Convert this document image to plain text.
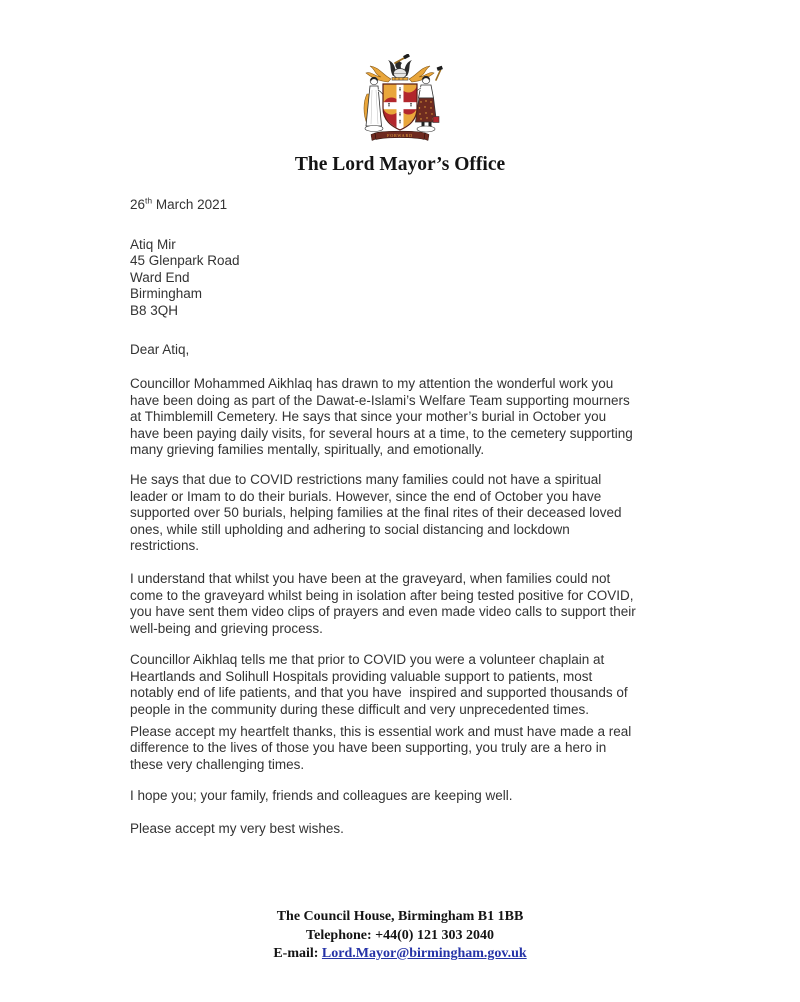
FORWARD
The Lord Mayor’s Office
26th March 2021
Atiq Mir
45 Glenpark Road
Ward End
Birmingham
B8 3QH
Dear Atiq,

Councillor Mohammed Aikhlaq has drawn to my attention the wonderful work you
have been doing as part of the Dawat-e-Islami’s Welfare Team supporting mourners
at Thimblemill Cemetery. He says that since your mother’s burial in October you
have been paying daily visits, for several hours at a time, to the cemetery supporting
many grieving families mentally, spiritually, and emotionally.

He says that due to COVID restrictions many families could not have a spiritual
leader or Imam to do their burials. However, since the end of October you have
supported over 50 burials, helping families at the final rites of their deceased loved
ones, while still upholding and adhering to social distancing and lockdown
restrictions.

I understand that whilst you have been at the graveyard, when families could not
come to the graveyard whilst being in isolation after being tested positive for COVID,
you have sent them video clips of prayers and even made video calls to support their
well-being and grieving process.

Councillor Aikhlaq tells me that prior to COVID you were a volunteer chaplain at
Heartlands and Solihull Hospitals providing valuable support to patients, most
notably end of life patients, and that you have  inspired and supported thousands of
people in the community during these difficult and very unprecedented times.

Please accept my heartfelt thanks, this is essential work and must have made a real
difference to the lives of those you have been supporting, you truly are a hero in
these very challenging times.

I hope you; your family, friends and colleagues are keeping well.

Please accept my very best wishes.

The Council House, Birmingham B1 1BB
Telephone: +44(0) 121 303 2040
E-mail: Lord.Mayor@birmingham.gov.uk
